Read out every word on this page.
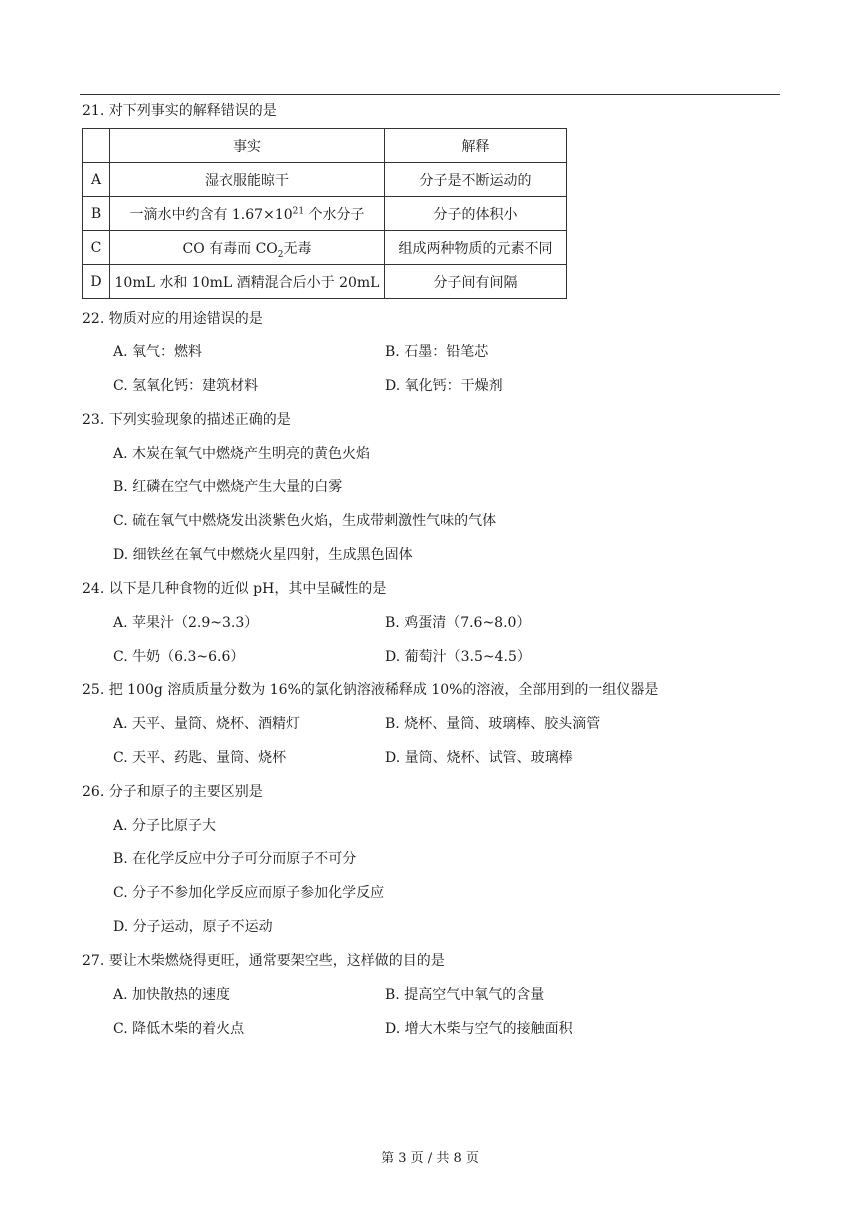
21. 对下列事实的解释错误的是
	事实	解释
A	湿衣服能晾干	分子是不断运动的
B	一滴水中约含有 $1.67\times 10^{21}$ 个水分子	分子的体积小
C	CO 有毒而 $CO_2$无毒	组成两种物质的元素不同
D	10mL 水和 10mL 酒精混合后小于 20mL	分子间有间隔
22. 物质对应的用途错误的是
A. 氧气：燃料	B. 石墨：铅笔芯
C. 氢氧化钙：建筑材料	D. 氧化钙：干燥剂
23. 下列实验现象的描述正确的是
A. 木炭在氧气中燃烧产生明亮的黄色火焰
B. 红磷在空气中燃烧产生大量的白雾
C. 硫在氧气中燃烧发出淡紫色火焰，生成带刺激性气味的气体
D. 细铁丝在氧气中燃烧火星四射，生成黑色固体
24. 以下是几种食物的近似 pH，其中呈碱性的是
A. 苹果汁（2.9~3.3）	B. 鸡蛋清（7.6~8.0）
C. 牛奶（6.3~6.6）	D. 葡萄汁（3.5~4.5）
25. 把 100g 溶质质量分数为 16%的氯化钠溶液稀释成 10%的溶液，全部用到的一组仪器是
A. 天平、量筒、烧杯、酒精灯	B. 烧杯、量筒、玻璃棒、胶头滴管
C. 天平、药匙、量筒、烧杯	D. 量筒、烧杯、试管、玻璃棒
26. 分子和原子的主要区别是
A. 分子比原子大
B. 在化学反应中分子可分而原子不可分
C. 分子不参加化学反应而原子参加化学反应
D. 分子运动，原子不运动
27. 要让木柴燃烧得更旺，通常要架空些，这样做的目的是
A. 加快散热的速度	B. 提高空气中氧气的含量
C. 降低木柴的着火点	D. 增大木柴与空气的接触面积
第 3 页 / 共 8 页
